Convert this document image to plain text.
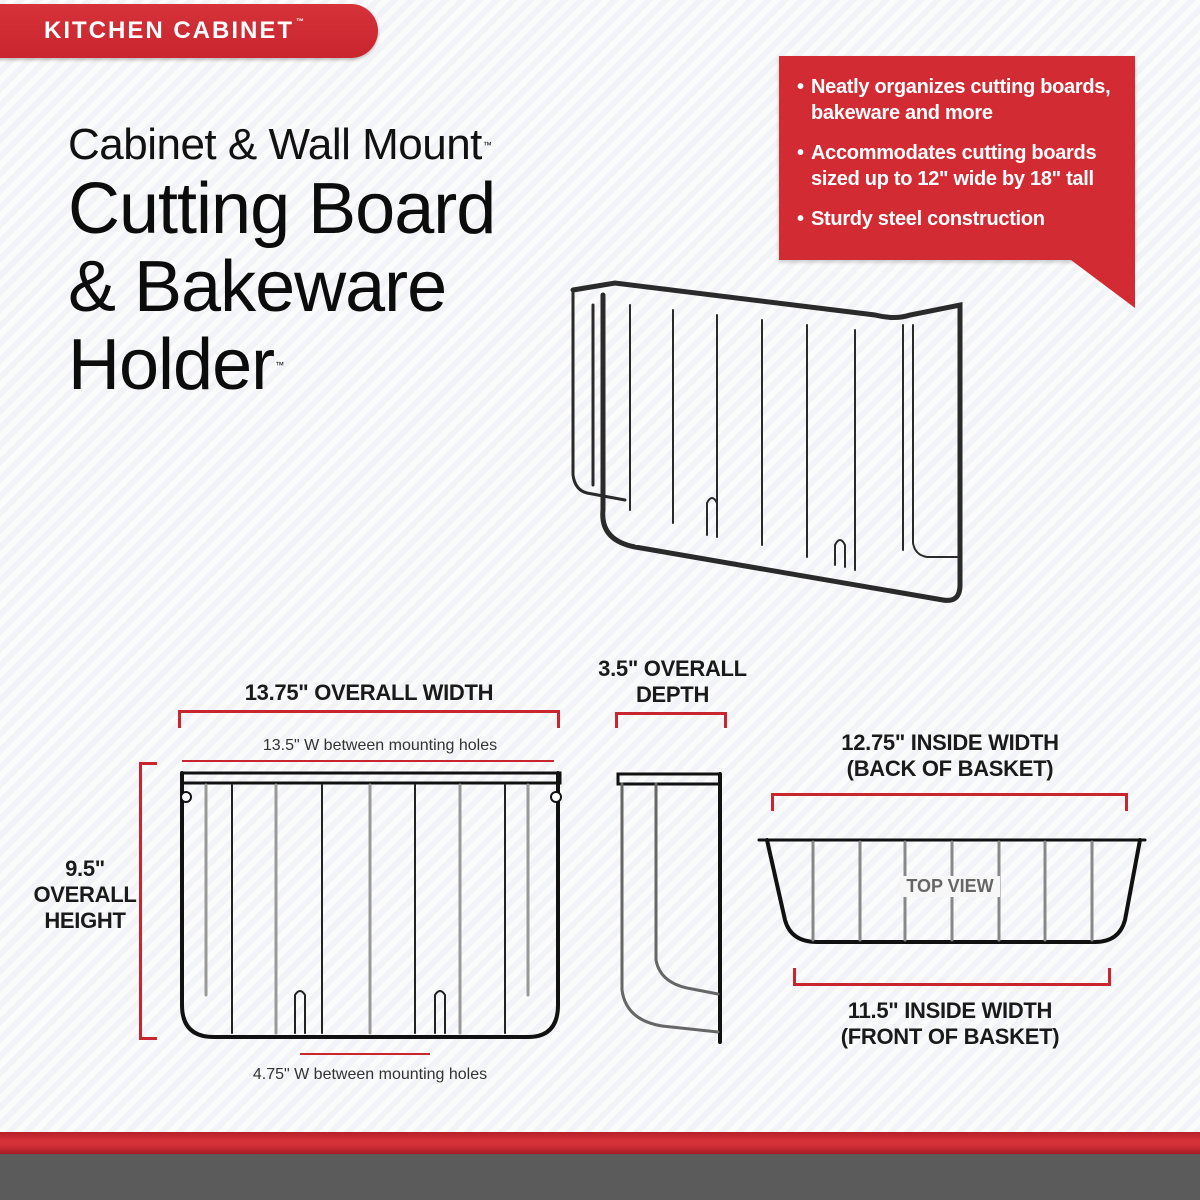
KITCHEN CABINET ™
Cabinet & Wall Mount™
Cutting Board
& Bakeware
Holder™
• Neatly organizes cutting boards, bakeware and more
• Accommodates cutting boards sized up to 12" wide by 18" tall
• Sturdy steel construction
13.75" OVERALL WIDTH
13.5" W between mounting holes
9.5"
OVERALL
HEIGHT
4.75" W between mounting holes
3.5" OVERALL
DEPTH
12.75" INSIDE WIDTH
(BACK OF BASKET)
TOP VIEW
11.5" INSIDE WIDTH
(FRONT OF BASKET)
